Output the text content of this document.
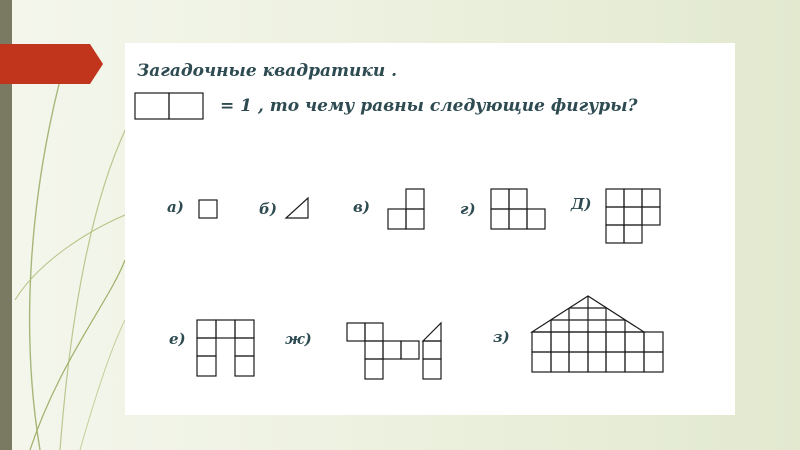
Загадочные квадратики .
= 1 , то чему равны следующие фигуры?
а)	б)	в)	г)	Д)
е)	ж)	з)
